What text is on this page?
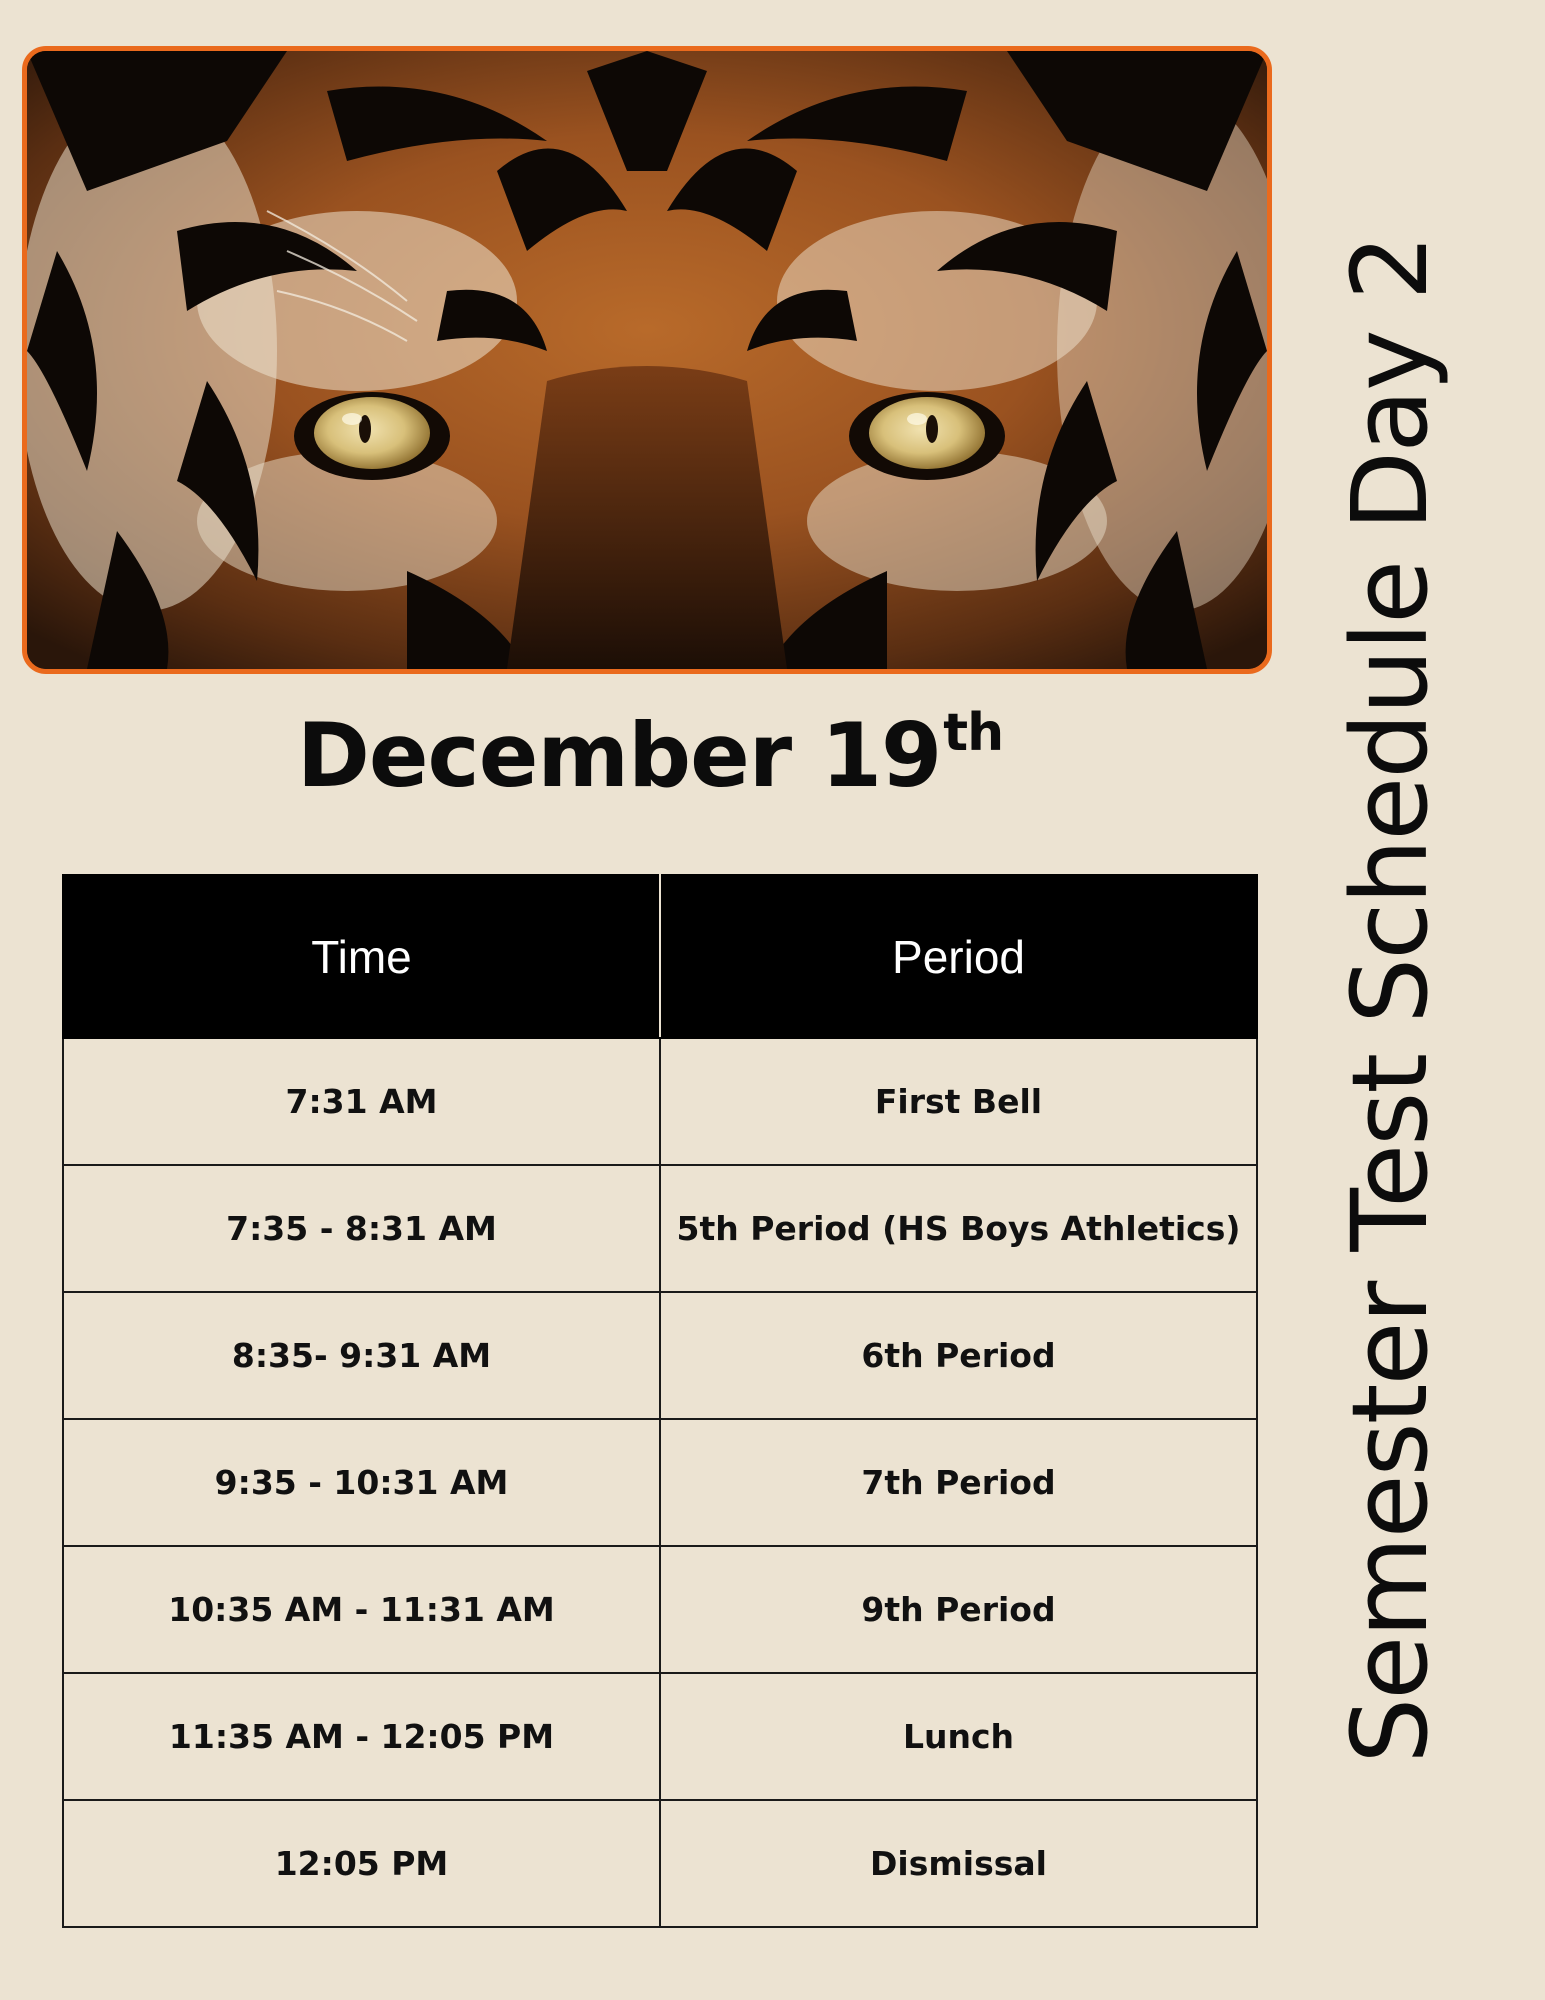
December 19th	Semester Test Schedule Day 2
Time	Period
7:31 AM	First Bell
7:35 - 8:31 AM	5th Period (HS Boys Athletics)
8:35- 9:31 AM	6th Period
9:35 - 10:31 AM	7th Period
10:35 AM - 11:31 AM	9th Period
11:35 AM - 12:05 PM	Lunch
12:05 PM	Dismissal
